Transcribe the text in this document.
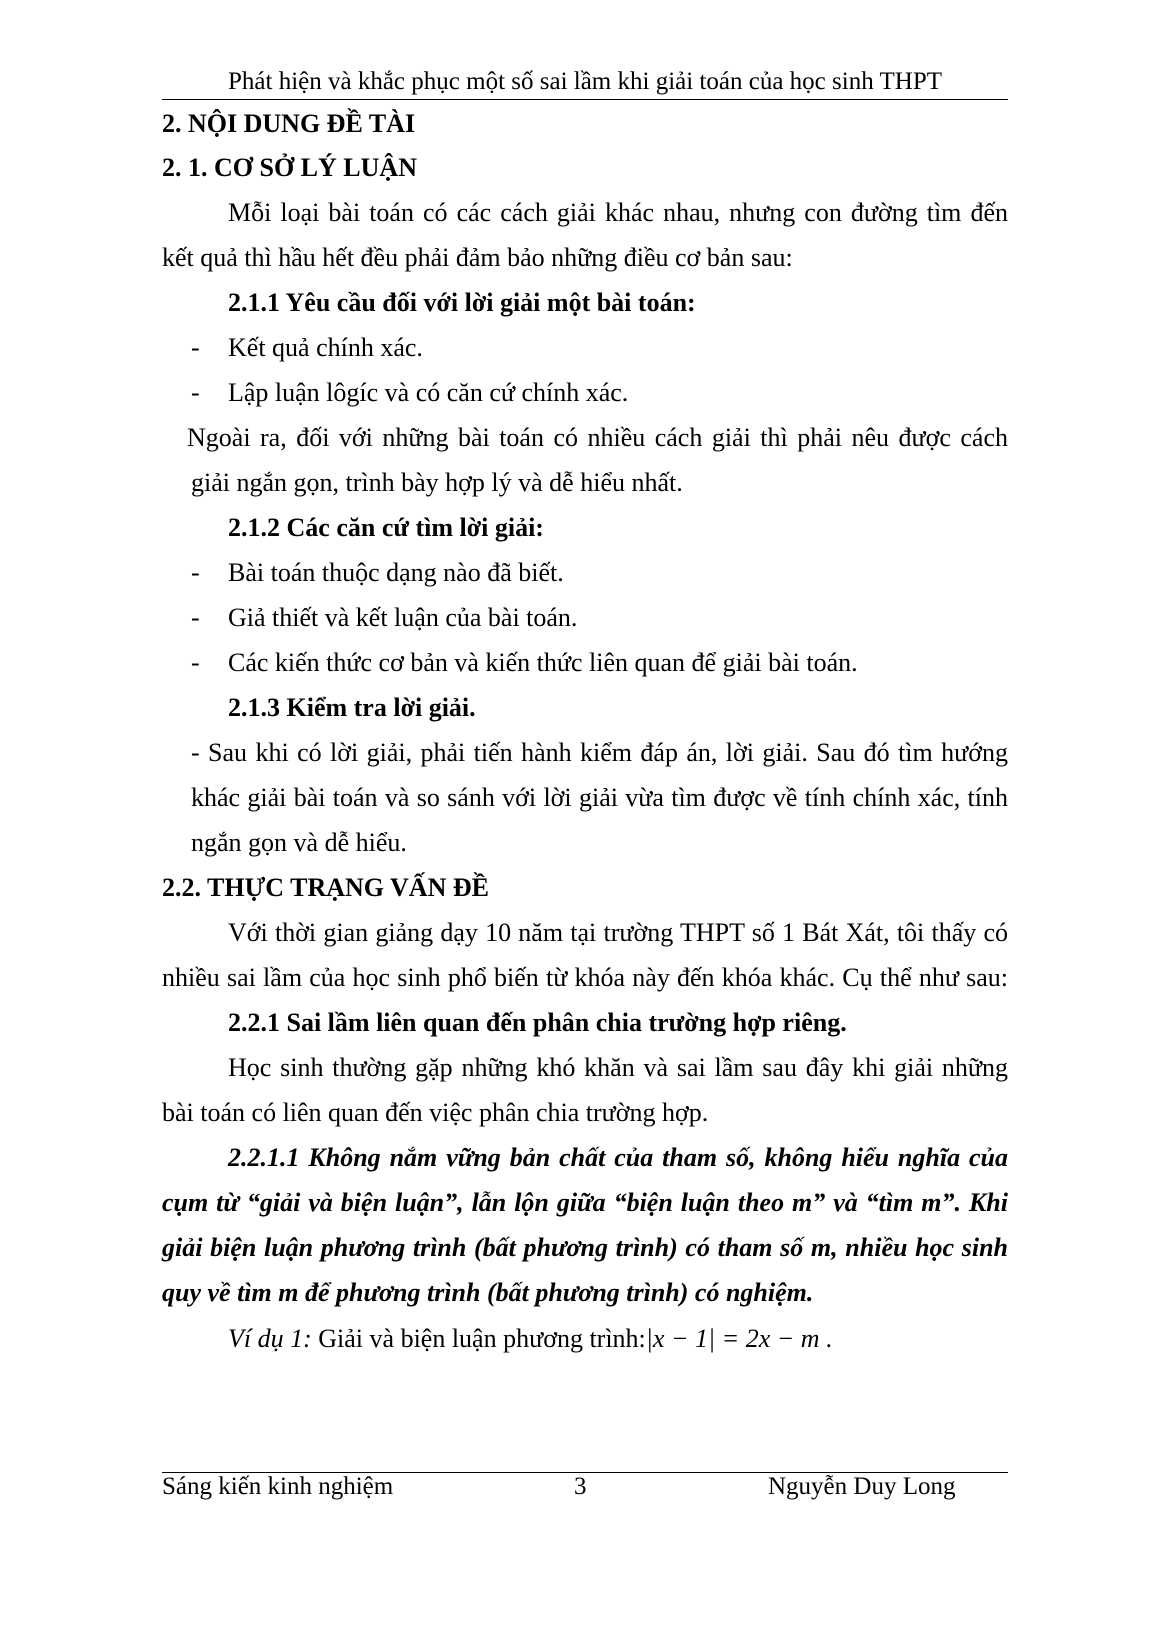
Phát hiện và khắc phục một số sai lầm khi giải toán của học sinh THPT
2. NỘI DUNG ĐỀ TÀI
2. 1. CƠ SỞ LÝ LUẬN
Mỗi loại bài toán có các cách giải khác nhau, nhưng con đường tìm đến
kết quả thì hầu hết đều phải đảm bảo những điều cơ bản sau:
2.1.1 Yêu cầu đối với lời giải một bài toán:
- Kết quả chính xác.
- Lập luận lôgíc và có căn cứ chính xác.
Ngoài ra, đối với những bài toán có nhiều cách giải thì phải nêu được cách
giải ngắn gọn, trình bày hợp lý và dễ hiểu nhất.
2.1.2 Các căn cứ tìm lời giải:
- Bài toán thuộc dạng nào đã biết.
- Giả thiết và kết luận của bài toán.
- Các kiến thức cơ bản và kiến thức liên quan để giải bài toán.
2.1.3 Kiểm tra lời giải.
- Sau khi có lời giải, phải tiến hành kiểm đáp án, lời giải. Sau đó tìm hướng
khác giải bài toán và so sánh với lời giải vừa tìm được về tính chính xác, tính
ngắn gọn và dễ hiểu.
2.2. THỰC TRẠNG VẤN ĐỀ
Với thời gian giảng dạy 10 năm tại trường THPT số 1 Bát Xát, tôi thấy có
nhiều sai lầm của học sinh phổ biến từ khóa này đến khóa khác. Cụ thể như sau:
2.2.1 Sai lầm liên quan đến phân chia trường hợp riêng.
Học sinh thường gặp những khó khăn và sai lầm sau đây khi giải những
bài toán có liên quan đến việc phân chia trường hợp.
2.2.1.1 Không nắm vững bản chất của tham số, không hiểu nghĩa của
cụm từ “giải và biện luận”, lẫn lộn giữa “biện luận theo m” và “tìm m”. Khi
giải biện luận phương trình (bất phương trình) có tham số m, nhiều học sinh
quy về tìm m để phương trình (bất phương trình) có nghiệm.
Ví dụ 1: Giải và biện luận phương trình:|x − 1| = 2x − m .
Sáng kiến kinh nghiệm	3	Nguyễn Duy Long
